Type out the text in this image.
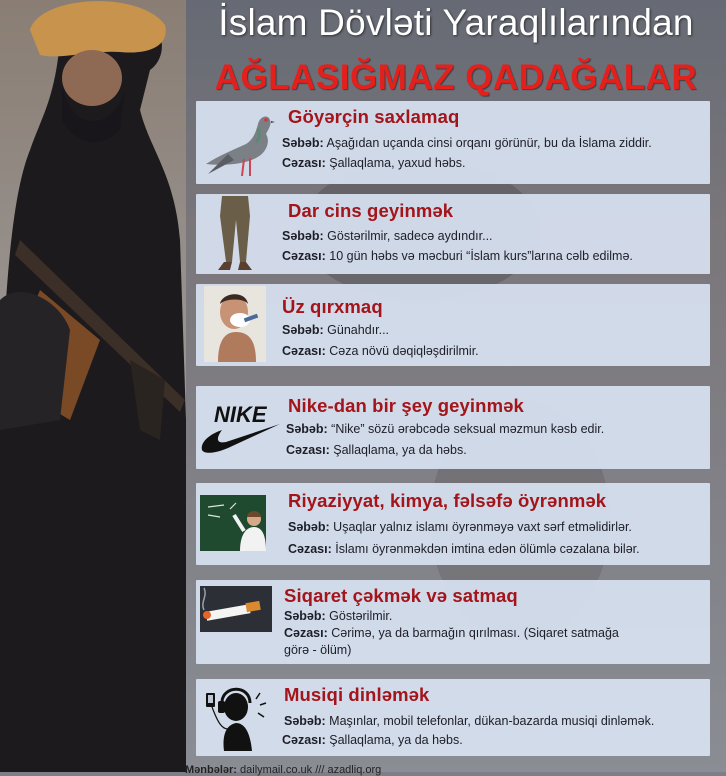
İslam Dövləti Yaraqlılarından
AĞLASIĞMAZ QADAĞALAR
Göyərçin saxlamaq
Səbəb: Aşağıdan uçanda cinsi orqanı görünür, bu da İslama ziddir.
Cəzası: Şallaqlama, yaxud həbs.
Dar cins geyinmək
Səbəb: Göstərilmir, sadecə aydındır...
Cəzası: 10 gün həbs və məcburi “İslam kurs”larına cəlb edilmə.
Üz qırxmaq
Səbəb: Günahdır...
Cəzası: Cəza növü dəqiqləşdirilmir.
NIKE Nike-dan bir şey geyinmək
Səbəb: “Nike” sözü ərəbcədə seksual məzmun kəsb edir.
Cəzası: Şallaqlama, ya da həbs.
Riyaziyyat, kimya, fəlsəfə öyrənmək
Səbəb: Uşaqlar yalnız islamı öyrənməyə vaxt sərf etməlidirlər.
Cəzası: İslamı öyrənməkdən imtina edən ölümlə cəzalana bilər.
Siqaret çəkmək və satmaq
Səbəb: Göstərilmir.
Cəzası: Cərimə, ya da barmağın qırılması. (Siqaret satmağa
görə - ölüm)
Musiqi dinləmək
Səbəb: Maşınlar, mobil telefonlar, dükan-bazarda musiqi dinləmək.
Cəzası: Şallaqlama, ya da həbs.
Mənbələr: dailymail.co.uk /// azadliq.org
